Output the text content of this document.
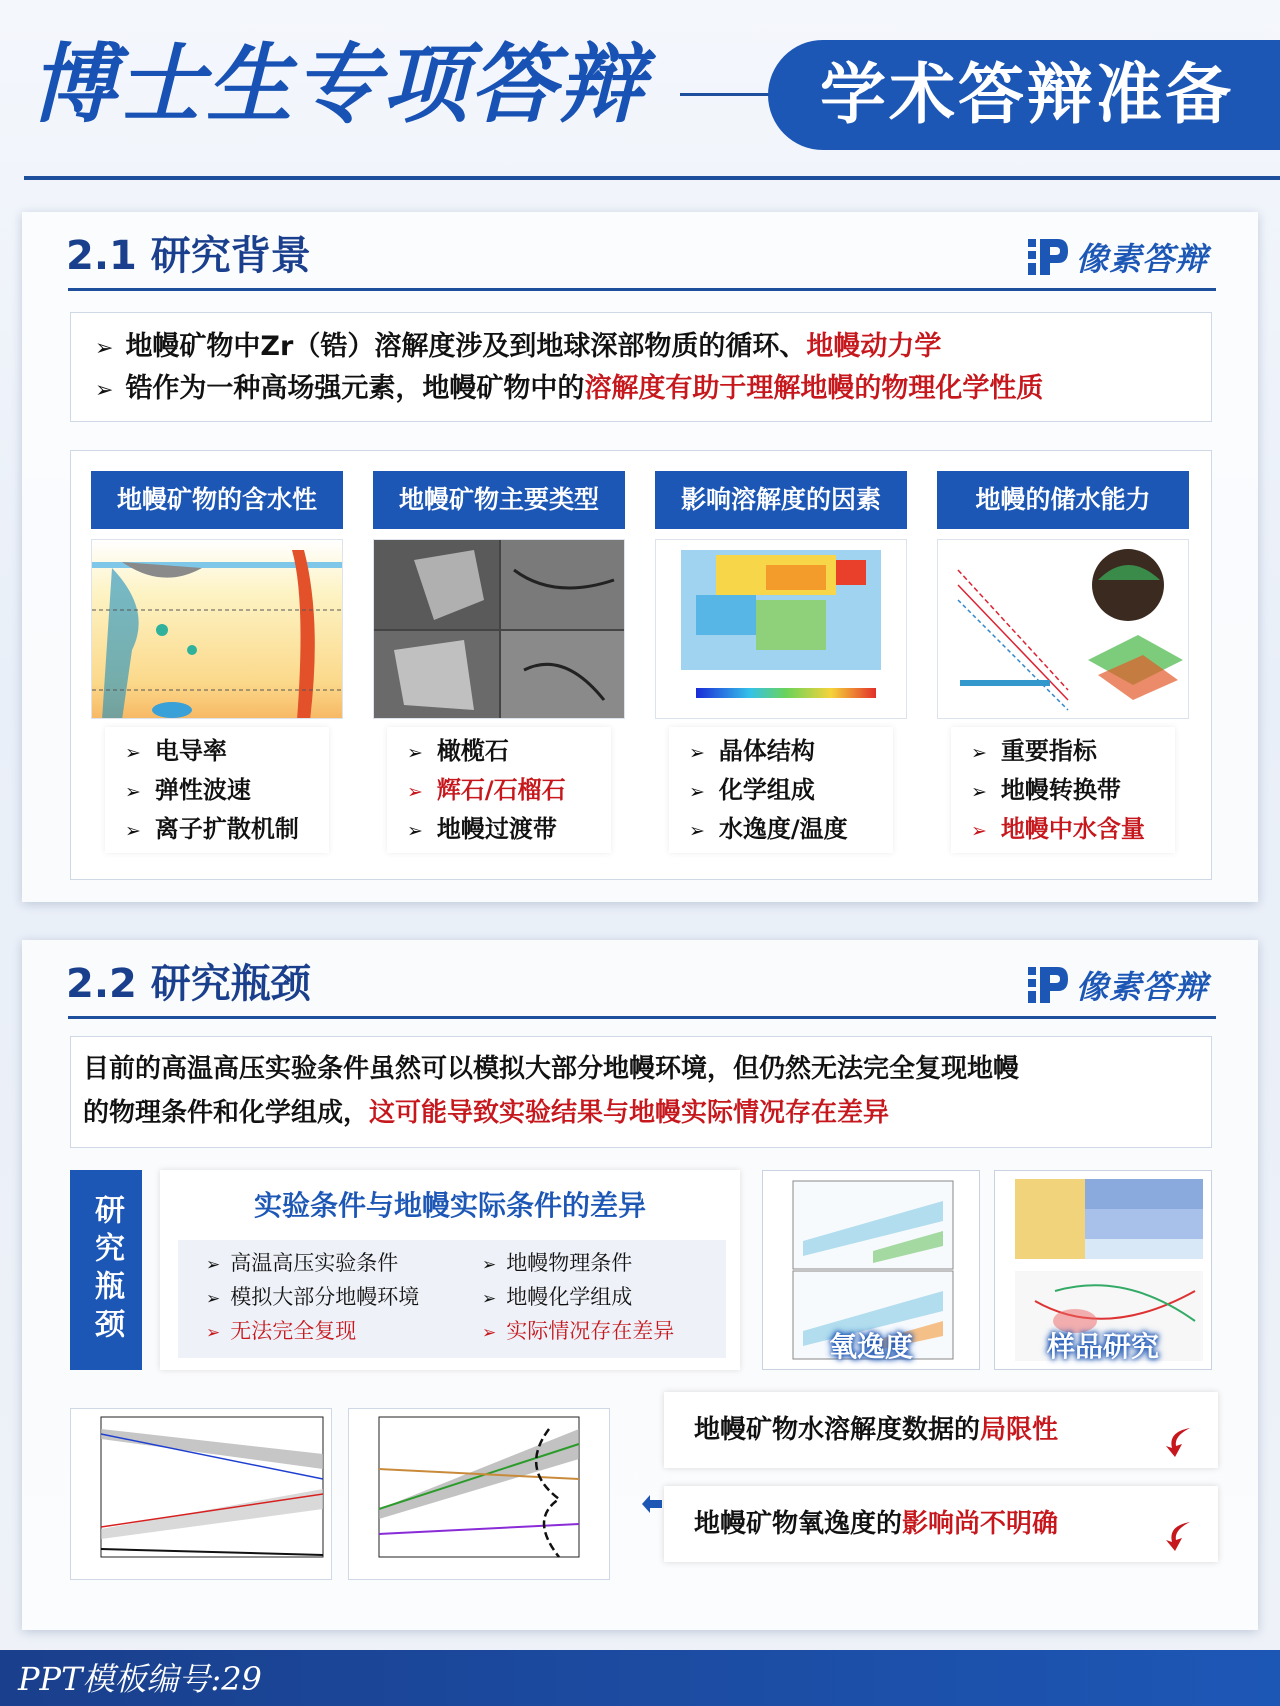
博士生专项答辩	学术答辩准备
2.1 研究背景	像素答辩
➢ 地幔矿物中Zr（锆）溶解度涉及到地球深部物质的循环、地幔动力学
➢ 锆作为一种高场强元素，地幔矿物中的溶解度有助于理解地幔的物理化学性质
地幔矿物的含水性
➢ 电导率
➢ 弹性波速
➢ 离子扩散机制
地幔矿物主要类型
➢ 橄榄石
➢ 辉石/石榴石
➢ 地幔过渡带
影响溶解度的因素
➢ 晶体结构
➢ 化学组成
➢ 水逸度/温度
地幔的储水能力
➢ 重要指标
➢ 地幔转换带
➢ 地幔中水含量
2.2 研究瓶颈	像素答辩
目前的高温高压实验条件虽然可以模拟大部分地幔环境，但仍然无法完全复现地幔
的物理条件和化学组成，这可能导致实验结果与地幔实际情况存在差异
研究瓶颈	实验条件与地幔实际条件的差异
➢ 高温高压实验条件
➢ 模拟大部分地幔环境
➢ 无法完全复现
➢ 地幔物理条件
➢ 地幔化学组成
➢ 实际情况存在差异	氧逸度	样品研究
地幔矿物水溶解度数据的局限性
地幔矿物氧逸度的影响尚不明确
PPT模板编号:29
